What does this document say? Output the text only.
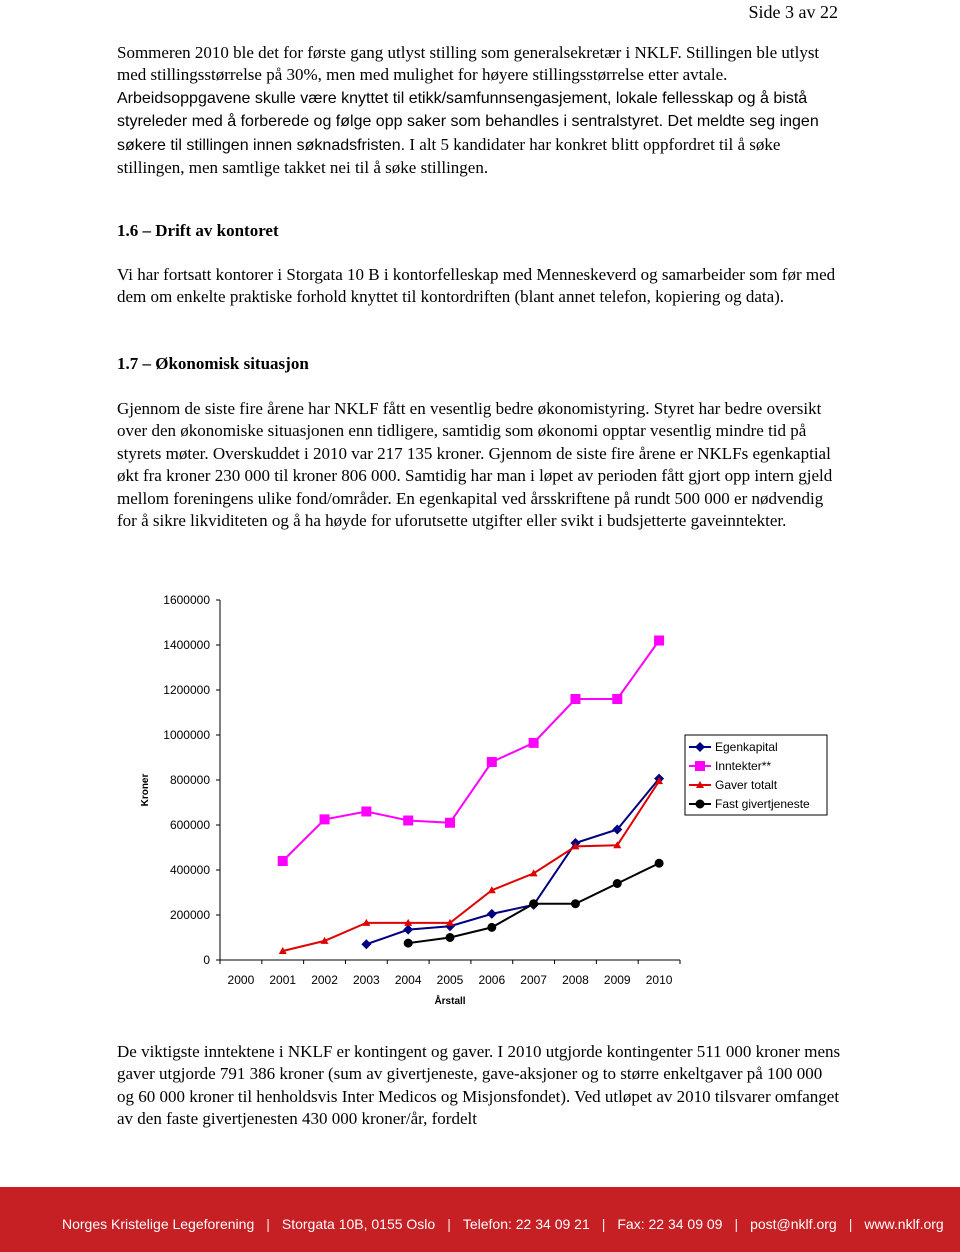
Side 3 av 22
Sommeren 2010 ble det for første gang utlyst stilling som generalsekretær i NKLF. Stillingen ble utlyst med stillingsstørrelse på 30%, men med mulighet for høyere stillingsstørrelse etter avtale. Arbeidsoppgavene skulle være knyttet til etikk/samfunnsengasjement, lokale fellesskap og å bistå styreleder med å forberede og følge opp saker som behandles i sentralstyret. Det meldte seg ingen søkere til stillingen innen søknadsfristen. I alt 5 kandidater har konkret blitt oppfordret til å søke stillingen, men samtlige takket nei til å søke stillingen.
1.6 – Drift av kontoret
Vi har fortsatt kontorer i Storgata 10 B i kontorfelleskap med Menneskeverd og samarbeider som før med dem om enkelte praktiske forhold knyttet til kontordriften (blant annet telefon, kopiering og data).
1.7 – Økonomisk situasjon
Gjennom de siste fire årene har NKLF fått en vesentlig bedre økonomistyring. Styret har bedre oversikt over den økonomiske situasjonen enn tidligere, samtidig som økonomi opptar vesentlig mindre tid på styrets møter. Overskuddet i 2010 var 217 135 kroner. Gjennom de siste fire årene er NKLFs egenkaptial økt fra kroner 230 000 til kroner 806 000. Samtidig har man i løpet av perioden fått gjort opp intern gjeld mellom foreningens ulike fond/områder. En egenkapital ved årsskriftene på rundt 500 000 er nødvendig for å sikre likviditeten og å ha høyde for uforutsette utgifter eller svikt i budsjetterte gaveinntekter.
0
200000
400000
600000
800000
1000000
1200000
1400000
1600000
2000 2001 2002 2003 2004 2005 2006 2007 2008 2009 2010
Årstall
Kroner
Egenkapital
Inntekter**
Gaver totalt
Fast givertjeneste
De viktigste inntektene i NKLF er kontingent og gaver. I 2010 utgjorde kontingenter 511 000 kroner mens gaver utgjorde 791 386 kroner (sum av givertjeneste, gave-aksjoner og to større enkeltgaver på 100 000 og 60 000 kroner til henholdsvis Inter Medicos og Misjonsfondet). Ved utløpet av 2010 tilsvarer omfanget av den faste givertjenesten 430 000 kroner/år, fordelt
Norges Kristelige Legeforening | Storgata 10B, 0155 Oslo | Telefon: 22 34 09 21 | Fax: 22 34 09 09 | post@nklf.org | www.nklf.org
